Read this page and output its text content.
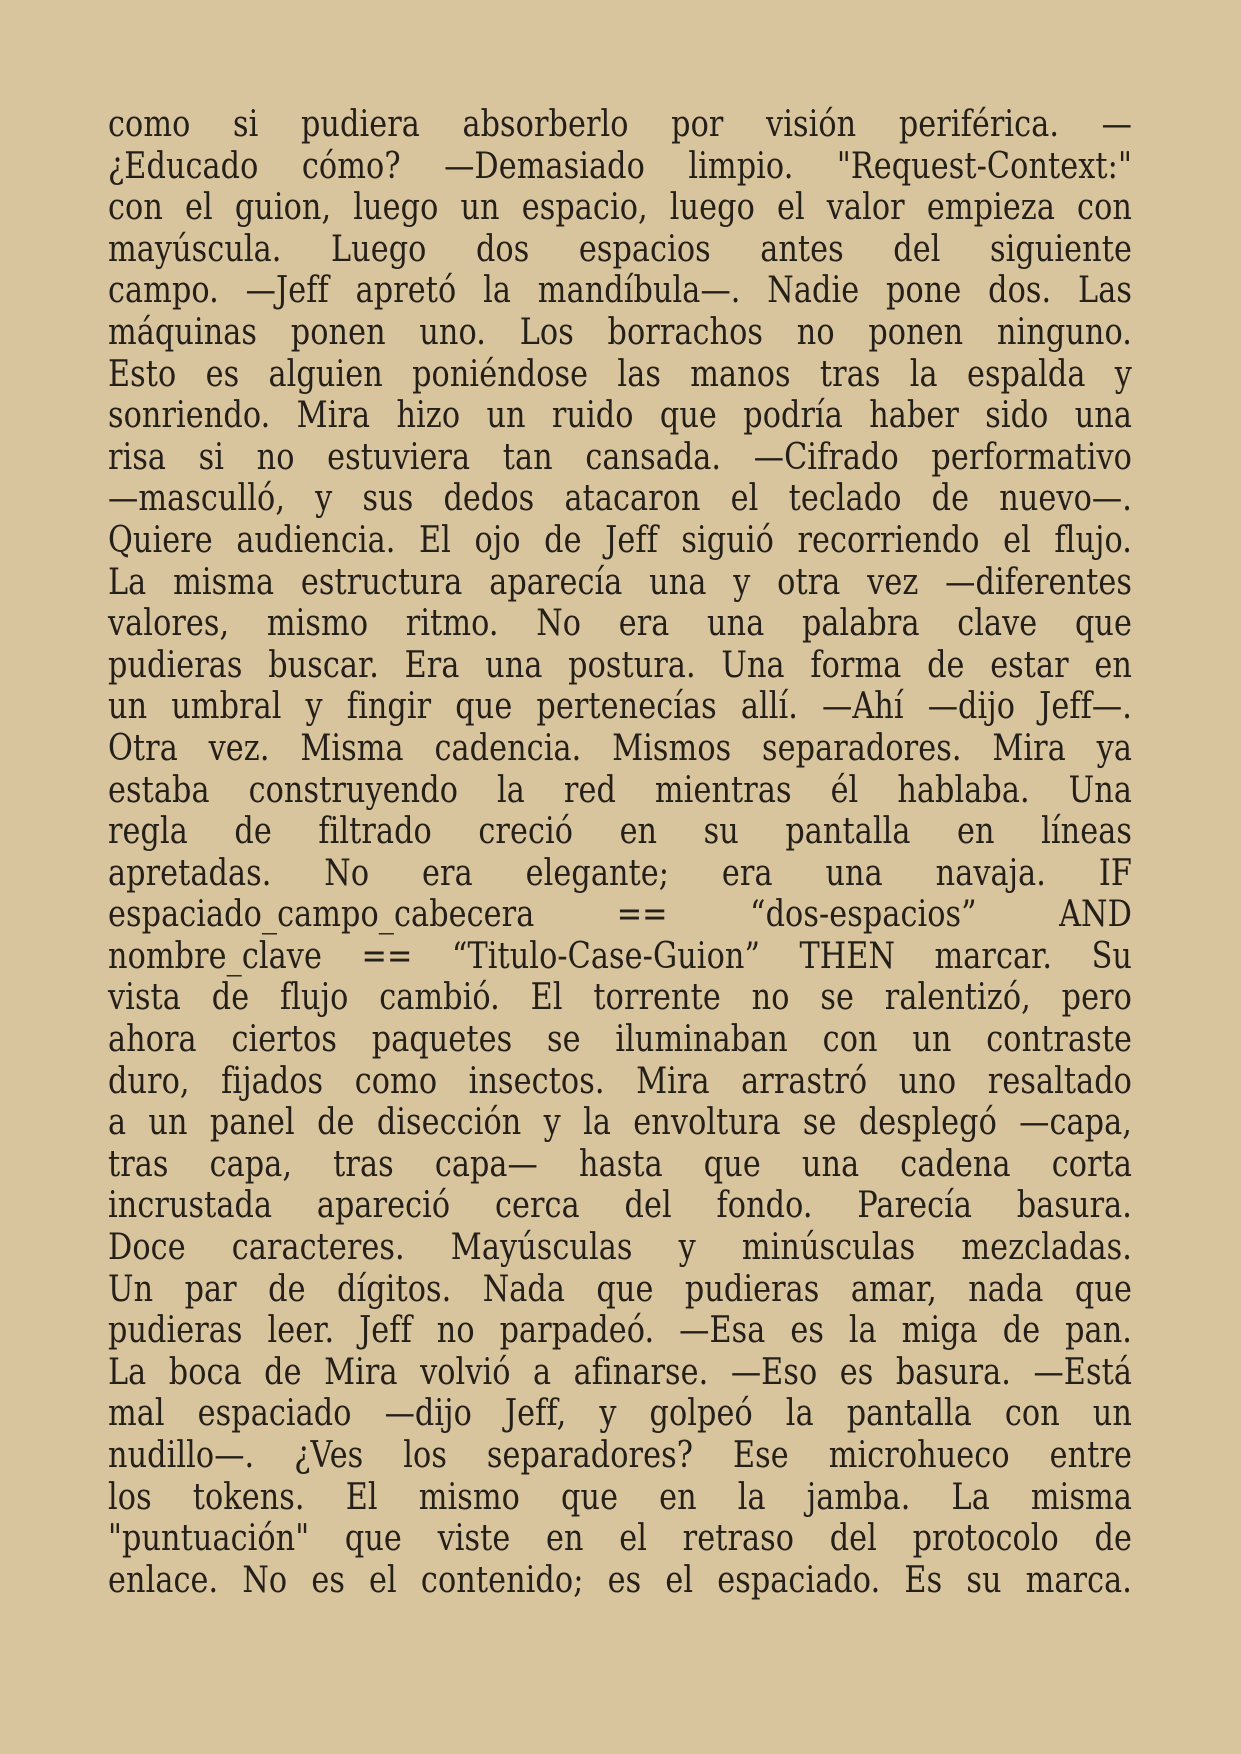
como si pudiera absorberlo por visión periférica. —
¿Educado cómo? —Demasiado limpio. "Request-Context:"
con el guion, luego un espacio, luego el valor empieza con
mayúscula. Luego dos espacios antes del siguiente
campo. —Jeff apretó la mandíbula—. Nadie pone dos. Las
máquinas ponen uno. Los borrachos no ponen ninguno.
Esto es alguien poniéndose las manos tras la espalda y
sonriendo. Mira hizo un ruido que podría haber sido una
risa si no estuviera tan cansada. —Cifrado performativo
—masculló, y sus dedos atacaron el teclado de nuevo—.
Quiere audiencia. El ojo de Jeff siguió recorriendo el flujo.
La misma estructura aparecía una y otra vez —diferentes
valores, mismo ritmo. No era una palabra clave que
pudieras buscar. Era una postura. Una forma de estar en
un umbral y fingir que pertenecías allí. —Ahí —dijo Jeff—.
Otra vez. Misma cadencia. Mismos separadores. Mira ya
estaba construyendo la red mientras él hablaba. Una
regla de filtrado creció en su pantalla en líneas
apretadas. No era elegante; era una navaja. IF
espaciado_campo_cabecera == “dos-espacios” AND
nombre_clave == “Titulo-Case-Guion” THEN marcar. Su
vista de flujo cambió. El torrente no se ralentizó, pero
ahora ciertos paquetes se iluminaban con un contraste
duro, fijados como insectos. Mira arrastró uno resaltado
a un panel de disección y la envoltura se desplegó —capa,
tras capa, tras capa— hasta que una cadena corta
incrustada apareció cerca del fondo. Parecía basura.
Doce caracteres. Mayúsculas y minúsculas mezcladas.
Un par de dígitos. Nada que pudieras amar, nada que
pudieras leer. Jeff no parpadeó. —Esa es la miga de pan.
La boca de Mira volvió a afinarse. —Eso es basura. —Está
mal espaciado —dijo Jeff, y golpeó la pantalla con un
nudillo—. ¿Ves los separadores? Ese microhueco entre
los tokens. El mismo que en la jamba. La misma
"puntuación" que viste en el retraso del protocolo de
enlace. No es el contenido; es el espaciado. Es su marca.
